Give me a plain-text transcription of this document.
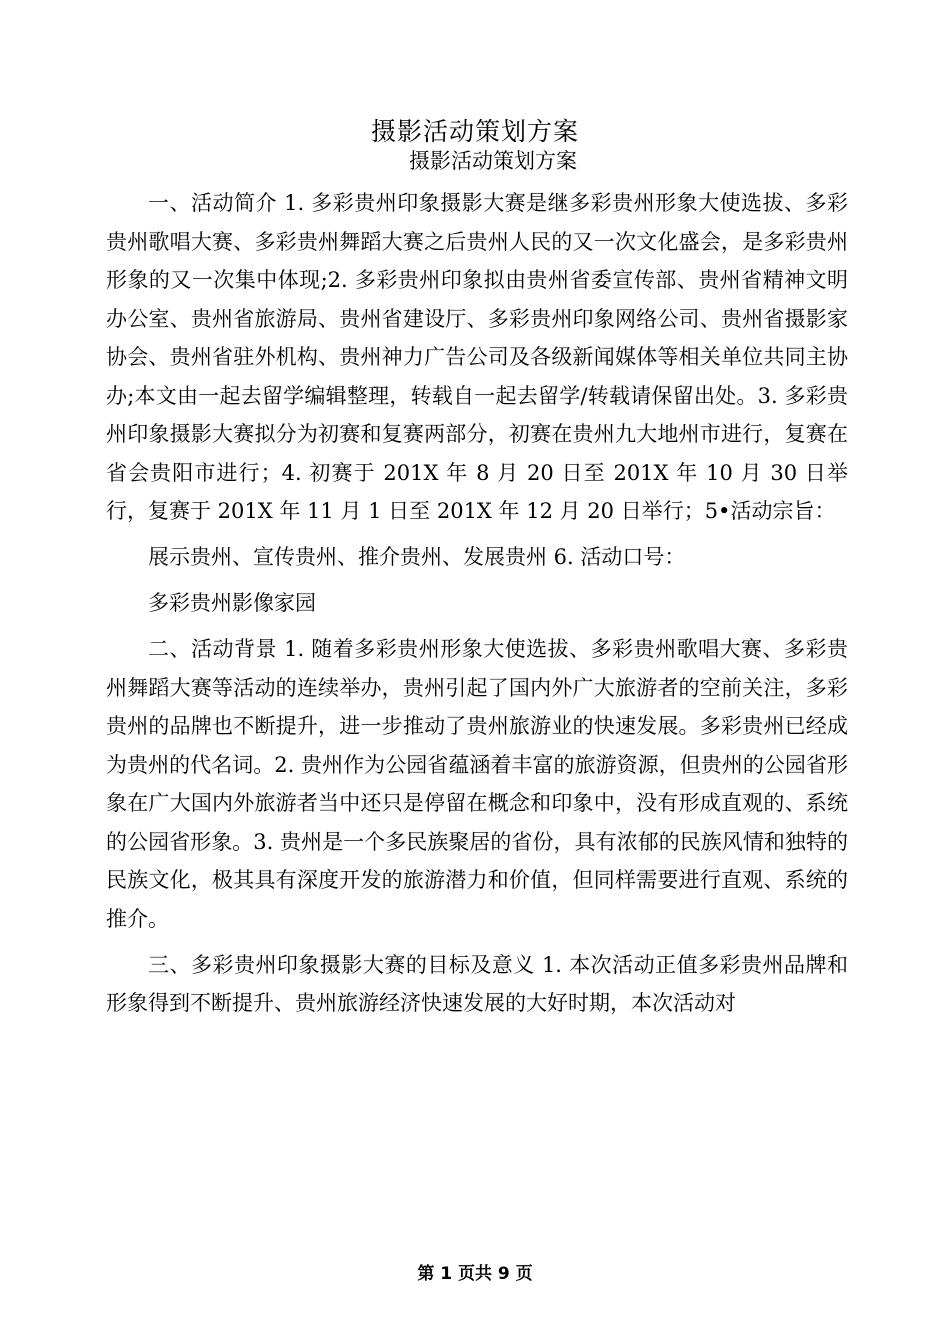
摄影活动策划方案
摄影活动策划方案

一、活动简介 1. 多彩贵州印象摄影大赛是继多彩贵州形象大使选拔、多彩贵州歌唱大赛、多彩贵州舞蹈大赛之后贵州人民的又一次文化盛会，是多彩贵州形象的又一次集中体现;2. 多彩贵州印象拟由贵州省委宣传部、贵州省精神文明办公室、贵州省旅游局、贵州省建设厅、多彩贵州印象网络公司、贵州省摄影家协会、贵州省驻外机构、贵州神力广告公司及各级新闻媒体等相关单位共同主协办;本文由一起去留学编辑整理，转载自一起去留学/转载请保留出处。3. 多彩贵州印象摄影大赛拟分为初赛和复赛两部分，初赛在贵州九大地州市进行，复赛在省会贵阳市进行；4. 初赛于 201X 年 8 月 20 日至 201X 年 10 月 30 日举行，复赛于 201X 年 11 月 1 日至 201X 年 12 月 20 日举行；5•活动宗旨：

展示贵州、宣传贵州、推介贵州、发展贵州 6. 活动口号：

多彩贵州影像家园

二、活动背景 1. 随着多彩贵州形象大使选拔、多彩贵州歌唱大赛、多彩贵州舞蹈大赛等活动的连续举办，贵州引起了国内外广大旅游者的空前关注，多彩贵州的品牌也不断提升，进一步推动了贵州旅游业的快速发展。多彩贵州已经成为贵州的代名词。2. 贵州作为公园省蕴涵着丰富的旅游资源，但贵州的公园省形象在广大国内外旅游者当中还只是停留在概念和印象中，没有形成直观的、系统的公园省形象。3. 贵州是一个多民族聚居的省份，具有浓郁的民族风情和独特的民族文化，极其具有深度开发的旅游潜力和价值，但同样需要进行直观、系统的推介。

三、多彩贵州印象摄影大赛的目标及意义 1. 本次活动正值多彩贵州品牌和形象得到不断提升、贵州旅游经济快速发展的大好时期，本次活动对

第 1 页共 9 页
